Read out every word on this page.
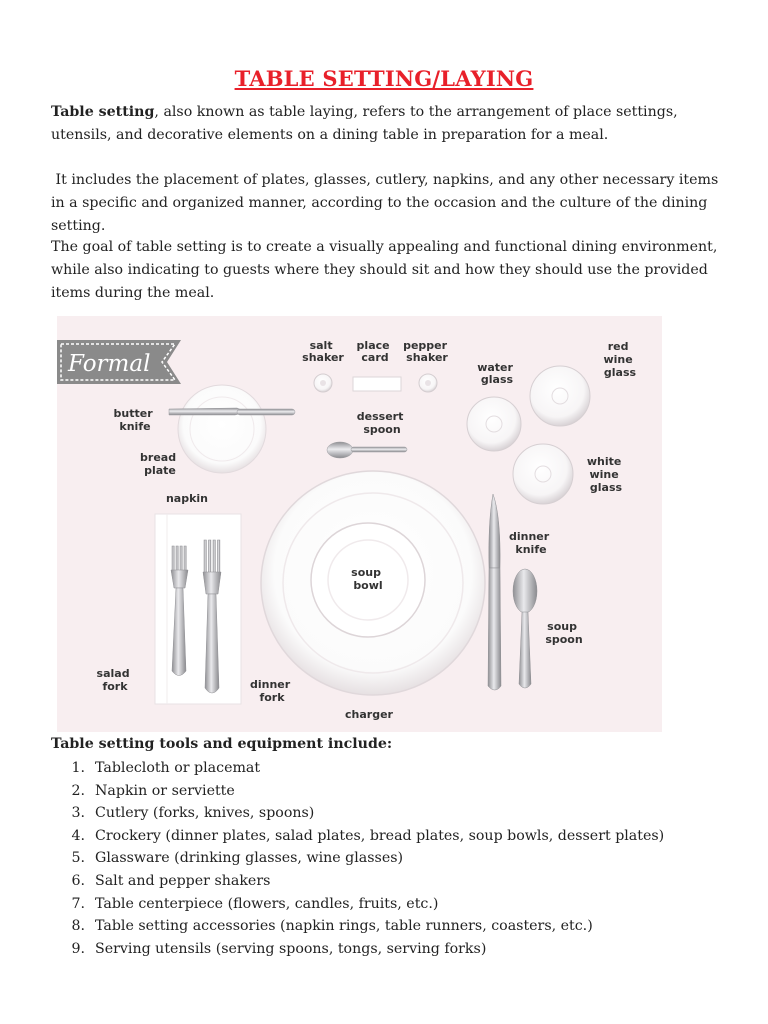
TABLE SETTING/LAYING
Table setting, also known as table laying, refers to the arrangement of place settings, utensils, and decorative elements on a dining table in preparation for a meal.
It includes the placement of plates, glasses, cutlery, napkins, and any other necessary items in a specific and organized manner, according to the occasion and the culture of the dining setting.
The goal of table setting is to create a visually appealing and functional dining environment, while also indicating to guests where they should sit and how they should use the provided items during the meal.
Formal
salt shaker
place card
pepper shaker
water glass
red wine glass
butter knife
dessert spoon
bread plate
white wine glass
napkin
dinner knife
soup bowl
soup spoon
salad fork	dinner fork
charger
Table setting tools and equipment include:
1. Tablecloth or placemat
2. Napkin or serviette
3. Cutlery (forks, knives, spoons)
4. Crockery (dinner plates, salad plates, bread plates, soup bowls, dessert plates)
5. Glassware (drinking glasses, wine glasses)
6. Salt and pepper shakers
7. Table centerpiece (flowers, candles, fruits, etc.)
8. Table setting accessories (napkin rings, table runners, coasters, etc.)
9. Serving utensils (serving spoons, tongs, serving forks)
